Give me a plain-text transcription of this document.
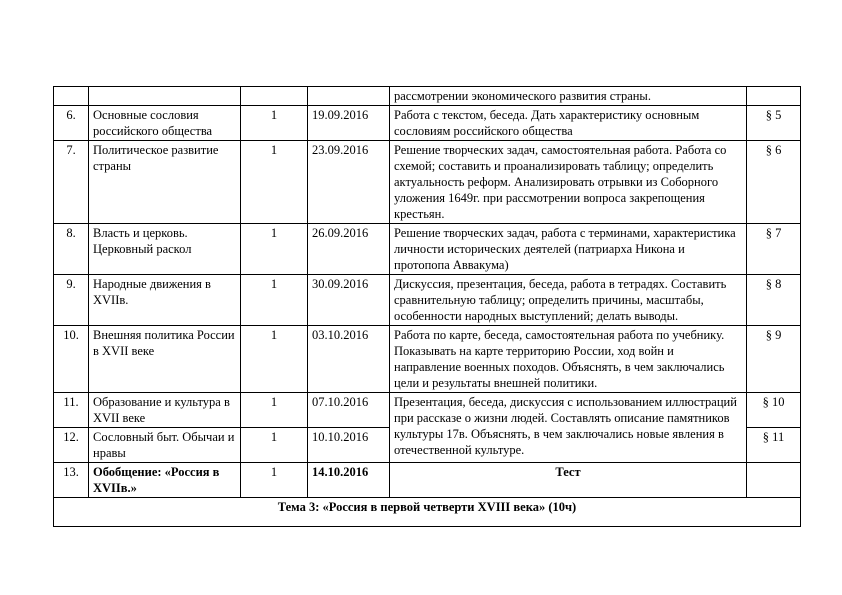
				рассмотрении экономического развития страны.	
6.	Основные сословия российского общества	1	19.09.2016	Работа с текстом, беседа. Дать характеристику основным сословиям российского общества	§ 5
7.	Политическое развитие страны	1	23.09.2016	Решение творческих задач, самостоятельная работа. Работа со схемой; составить и проанализировать таблицу; определить актуальность реформ. Анализировать отрывки из Соборного уложения 1649г. при рассмотрении вопроса закрепощения крестьян.	§ 6
8.	Власть и церковь. Церковный раскол	1	26.09.2016	Решение творческих задач, работа с терминами, характеристика личности исторических деятелей (патриарха Никона и протопопа Аввакума)	§ 7
9.	Народные движения в XVIIв.	1	30.09.2016	Дискуссия, презентация, беседа, работа в тетрадях. Составить сравнительную таблицу; определить причины, масштабы, особенности народных выступлений; делать выводы.	§ 8
10.	Внешняя политика России в XVII веке	1	03.10.2016	Работа по карте, беседа, самостоятельная работа по учебнику. Показывать на карте территорию России, ход войн и направление военных походов. Объяснять, в чем заключались цели и результаты внешней политики.	§ 9
11.	Образование и культура в XVII веке	1	07.10.2016	Презентация, беседа, дискуссия с использованием иллюстраций при рассказе о жизни людей. Составлять описание памятников культуры 17в. Объяснять, в чем заключались новые явления в отечественной культуре.	§ 10
12.	Сословный быт. Обычаи и нравы	1	10.10.2016		§ 11
13.	Обобщение: «Россия в XVIIв.»	1	14.10.2016	Тест	
Тема 3: «Россия в первой четверти XVIII века» (10ч)					
